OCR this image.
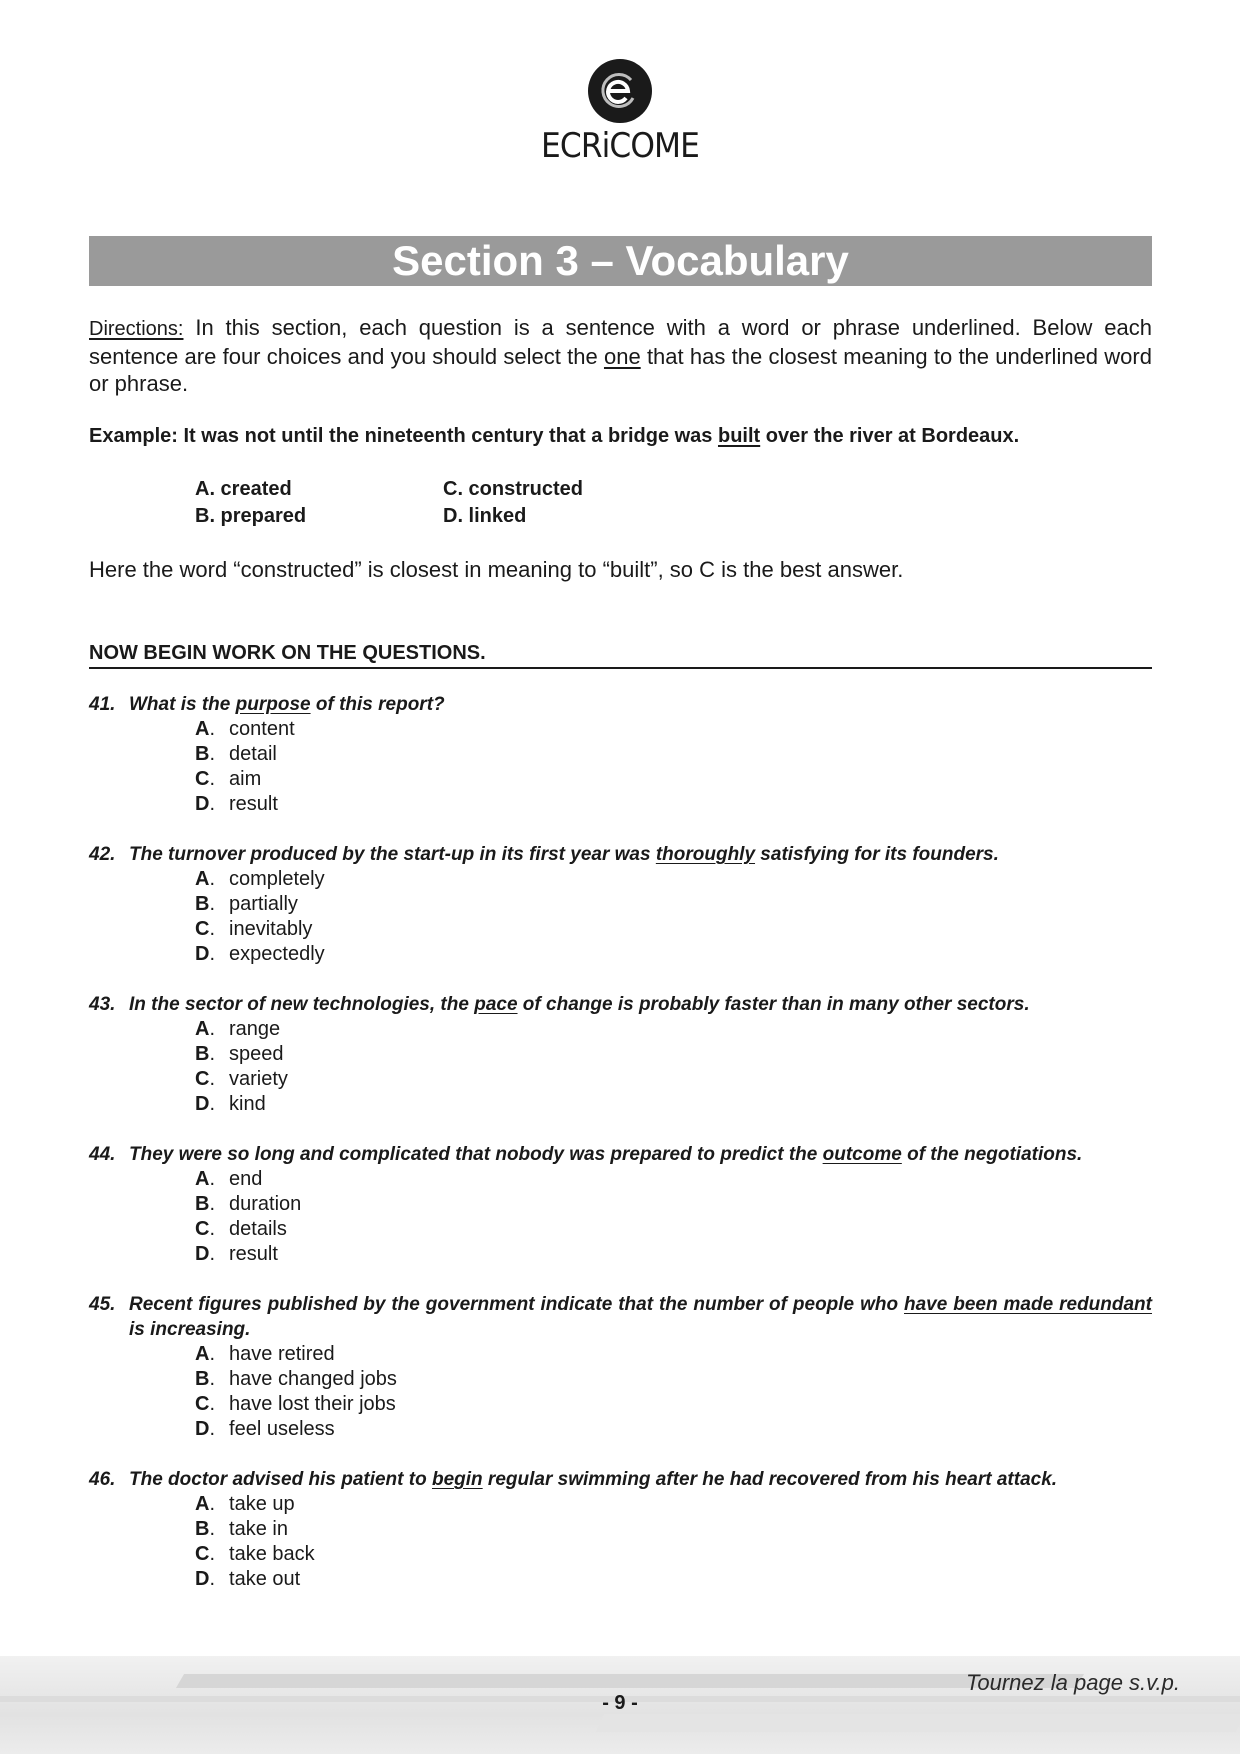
ECRiCOME
Section 3 – Vocabulary
Directions: In this section, each question is a sentence with a word or phrase underlined. Below each sentence are four choices and you should select the one that has the closest meaning to the underlined word or phrase.
Example: It was not until the nineteenth century that a bridge was built over the river at Bordeaux.
A. created	C. constructed
B. prepared	D. linked
Here the word “constructed” is closest in meaning to “built”, so C is the best answer.
NOW BEGIN WORK ON THE QUESTIONS.
41. What is the purpose of this report?
A .
content
B .
detail
C .
aim
D .
result
42. The turnover produced by the start-up in its first year was thoroughly satisfying for its founders.
A .
completely
B .
partially
C .
inevitably
D .
expectedly
43. In the sector of new technologies, the pace of change is probably faster than in many other sectors.
A .
range
B .
speed
C .
variety
D .
kind
44. They were so long and complicated that nobody was prepared to predict the outcome of the negotiations.
A .
end
B .
duration
C .
details
D .
result
45. Recent figures published by the government indicate that the number of people who have been made redundant is increasing.
A .
have retired
B .
have changed jobs
C .
have lost their jobs
D .
feel useless
46. The doctor advised his patient to begin regular swimming after he had recovered from his heart attack.
A .
take up
B .
take in
C .
take back
D .
take out
Tournez la page s.v.p.
- 9 -
